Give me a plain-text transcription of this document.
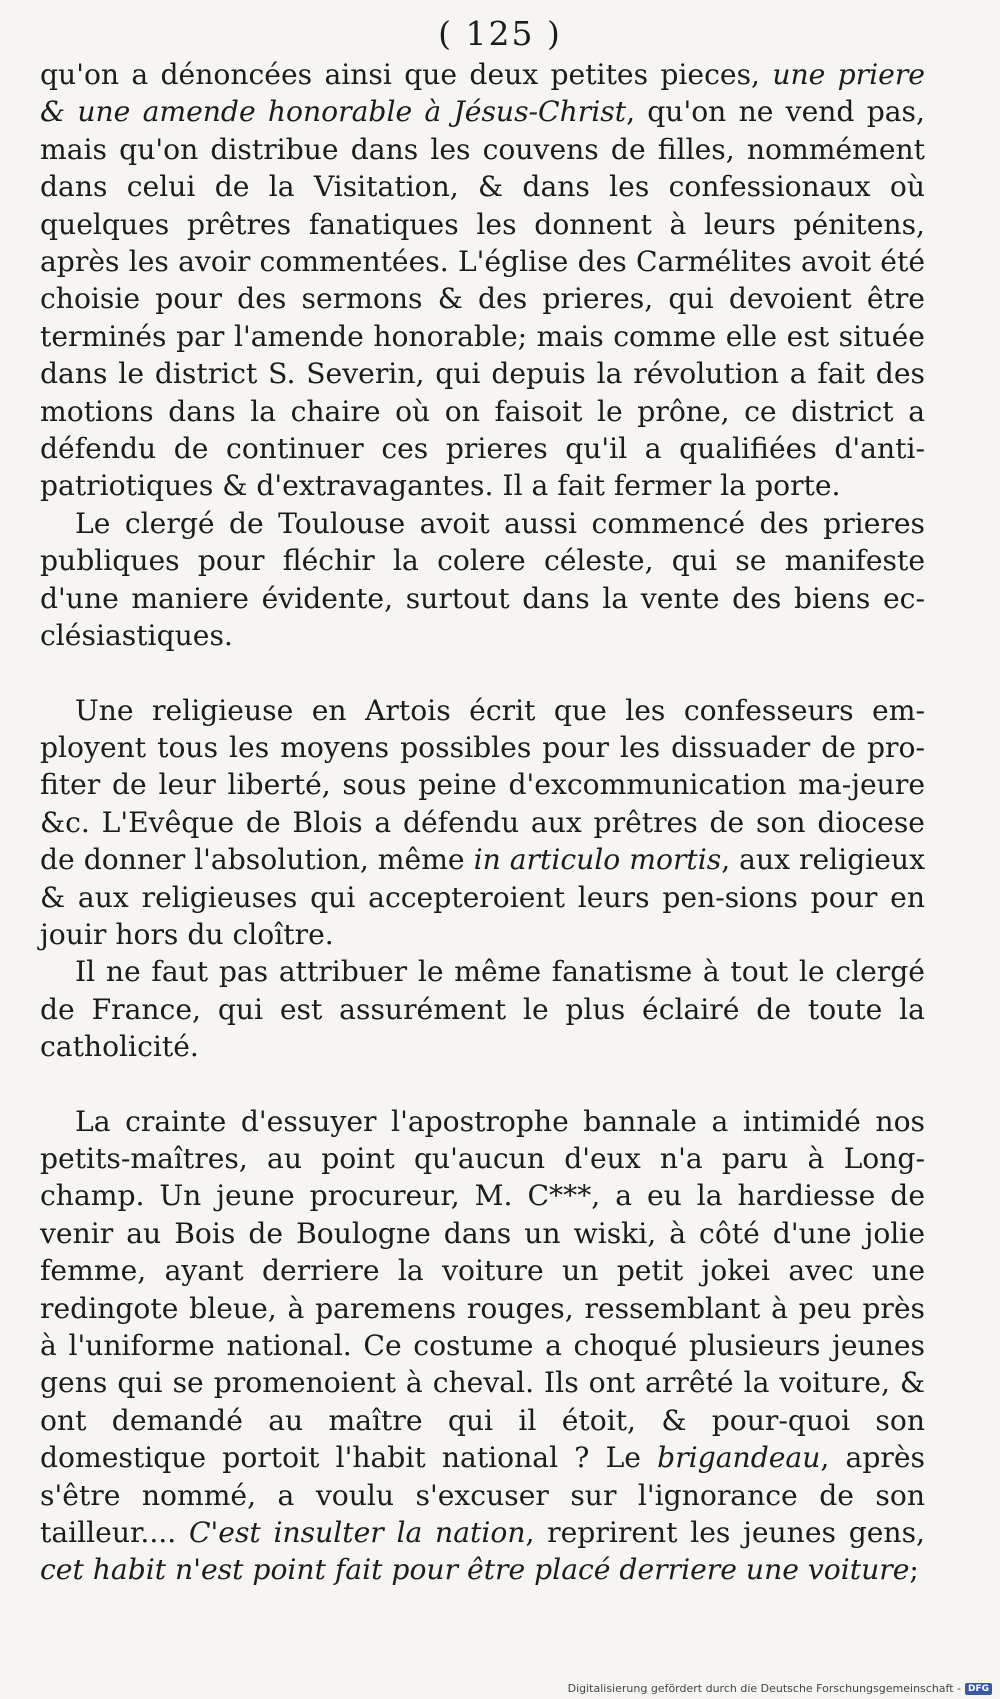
( 125 )

qu'on a dénoncées ainsi que deux petites pieces, une priere & une amende honorable à Jésus-Christ, qu'on ne vend pas, mais qu'on distribue dans les couvens de filles, nommément dans celui de la Visitation, & dans les confessionaux où quelques prêtres fanatiques les donnent à leurs pénitens, après les avoir commentées. L'église des Carmélites avoit été choisie pour des sermons & des prieres, qui devoient être terminés par l'amende honorable; mais comme elle est située dans le district S. Severin, qui depuis la révolution a fait des motions dans la chaire où on faisoit le prône, ce district a défendu de continuer ces prieres qu'il a qualifiées d'anti-patriotiques & d'extravagantes. Il a fait fermer la porte.

Le clergé de Toulouse avoit aussi commencé des prieres publiques pour fléchir la colere céleste, qui se manifeste d'une maniere évidente, surtout dans la vente des biens ec-clésiastiques.

Une religieuse en Artois écrit que les confesseurs em-ployent tous les moyens possibles pour les dissuader de pro-fiter de leur liberté, sous peine d'excommunication ma-jeure &c. L'Evêque de Blois a défendu aux prêtres de son diocese de donner l'absolution, même in articulo mortis, aux religieux & aux religieuses qui accepteroient leurs pen-sions pour en jouir hors du cloître.

Il ne faut pas attribuer le même fanatisme à tout le clergé de France, qui est assurément le plus éclairé de toute la catholicité.

La crainte d'essuyer l'apostrophe bannale a intimidé nos petits-maîtres, au point qu'aucun d'eux n'a paru à Long-champ. Un jeune procureur, M. C***, a eu la hardiesse de venir au Bois de Boulogne dans un wiski, à côté d'une jolie femme, ayant derriere la voiture un petit jokei avec une redingote bleue, à paremens rouges, ressemblant à peu près à l'uniforme national. Ce costume a choqué plusieurs jeunes gens qui se promenoient à cheval. Ils ont arrêté la voiture, & ont demandé au maître qui il étoit, & pour-quoi son domestique portoit l'habit national ? Le brigandeau, après s'être nommé, a voulu s'excuser sur l'ignorance de son tailleur.... C'est insulter la nation, reprirent les jeunes gens, cet habit n'est point fait pour être placé derriere une voiture;

Digitalisierung gefördert durch die Deutsche Forschungsgemeinschaft - DFG
